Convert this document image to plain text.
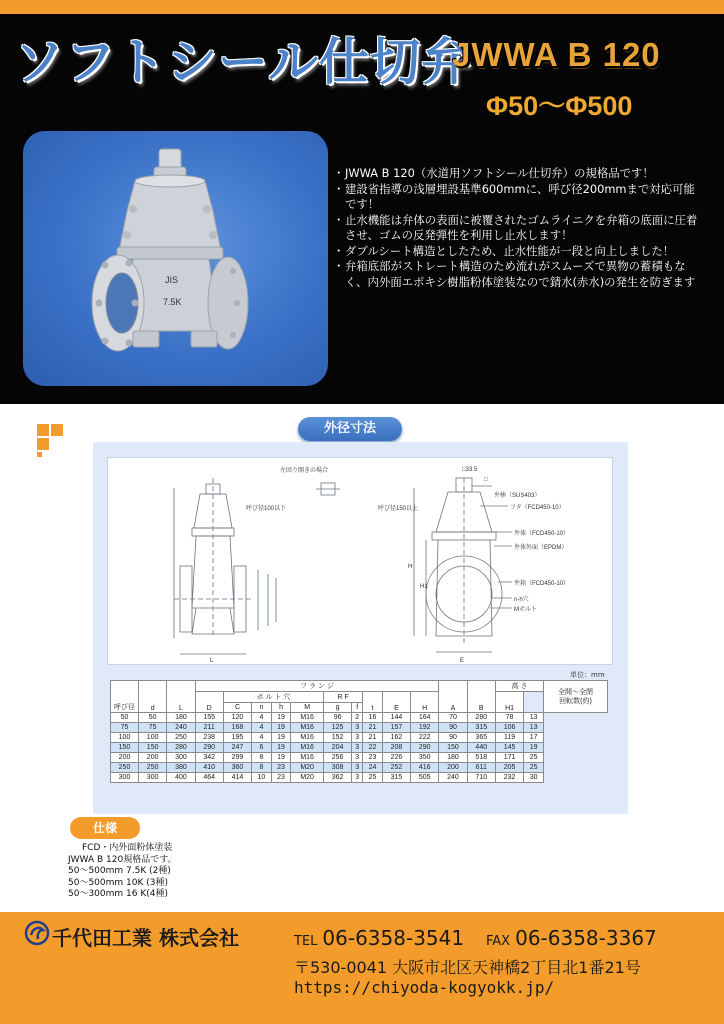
ソフトシール仕切弁
JWWA B 120
Φ50～Φ500
JIS
7.5K
・ JWWA B 120（水道用ソフトシール仕切弁）の規格品です！
・ 建設省指導の浅層埋設基準600mmに、呼び径200mmまで対応可能です！
・ 止水機能は弁体の表面に被覆されたゴムライニクを弁箱の底面に圧着させ、ゴムの反発弾性を利用し止水します！
・ ダブルシート構造としたため、止水性能が一段と向上しました！
・ 弁箱底部がストレート構造のため流れがスムーズで異物の蓄積もなく、内外面エポキシ樹脂粉体塗装なので錆水(赤水)の発生を防ぎます
外径寸法
左回り開きの場合
呼び径100以下	呼び径150以上
□33.5
□
弁棒（SUS403）
フタ（FCD450-10）
弁体（FCD450-10）
弁体外面（EPDM）
弁箱（FCD450-10）
n-h穴
Mボルト
L	E
H
H1
単位：mm
呼び径	d	L	フ ラ ン ジ										A	B	高 さ		全開～全閉
回転数(約)
			D	ボ ル ト 穴				R F		t	E	H			H1		
				C	n	h	M	g	f								
50	50	180	155	120	4	19	M16	96	2	16	144	164	70	280	78	13	
75	75	240	211	168	4	19	M16	125	3	21	157	192	90	315	106	13	
100	100	250	238	195	4	19	M16	152	3	21	162	222	90	365	119	17	
150	150	280	290	247	6	19	M16	204	3	22	208	290	150	440	145	19	
200	200	300	342	299	8	19	M16	256	3	23	226	350	180	518	171	25	
250	250	380	410	360	8	23	M20	308	3	24	252	416	200	611	205	25	
300	300	400	464	414	10	23	M20	362	3	25	315	505	240	710	232	30	
仕様
FCD・内外面粉体塗装
JWWA B 120規格品です。
50～500mm 7.5K (2種)
50～500mm 10K (3種)
50～300mm 16 K(4種)
千代田工業 株式会社	TEL 06-6358-3541 FAX 06-6358-3367
〒530-0041 大阪市北区天神橋2丁目北1番21号
https://chiyoda-kogyokk.jp/
